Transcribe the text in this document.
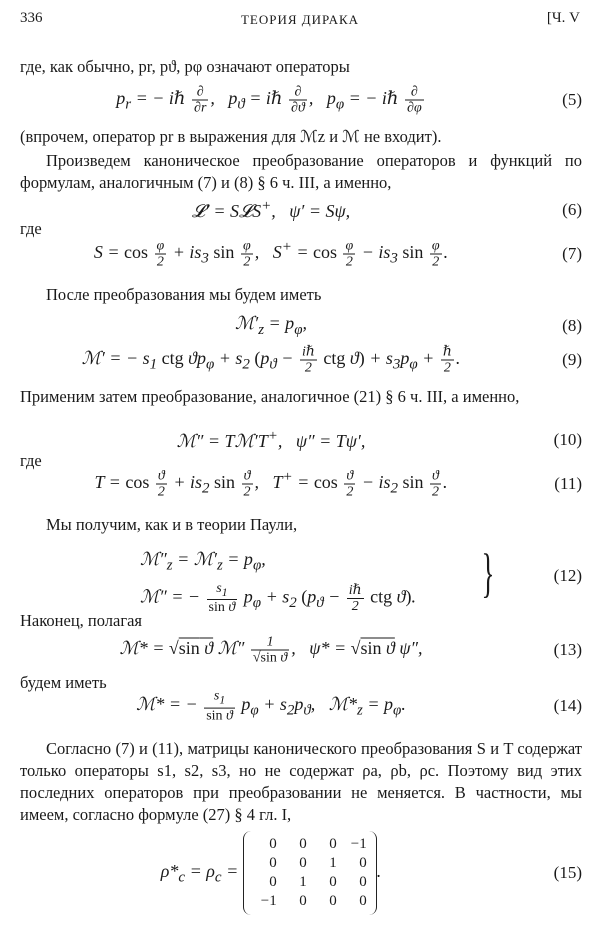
336	ТЕОРИЯ ДИРАКА	[Ч. V
где, как обычно, pr, pϑ, pφ означают операторы
$p_r$ = − iℏ $\frac{\partial}{\partial r}$ ,   $p_ϑ$ = iℏ $\frac{\partial}{\partial ϑ}$ ,   $p_\varphi$ = − iℏ $\frac{\partial}{\partial\varphi}$	(5)
(впрочем, оператор pr в выражения для ℳz и ℳ не входит).
Произведем каноническое преобразование операторов и функций по формулам, аналогичным (7) и (8) § 6 ч. III, а именно,
𝓛′ = S𝓛S+,   ψ′ = Sψ,	(6)
где
$S = \cos \frac{\varphi}{2} + is_3$ $\sin \frac{\varphi}{2}$ ,   $S^+ = \cos \frac{\varphi}{2} - is_3$ $\sin \frac{\varphi}{2}$ .	(7)
После преобразования мы будем иметь
$ℳ'_z = p_\varphi$,	(8)
ℳ′ = − $s_1$ ctg $ϑp_\varphi + s_2$ ($p_ϑ - \frac{\text{iℏ}}{2}$ ctg $ϑ) + s_3p_\varphi + \frac{\text{ℏ}}{2}$ .	(9)
Применим затем преобразование, аналогичное (21) § 6 ч. III, а именно,
ℳ″ = Tℳ′T+,   ψ″ = Tψ′,	(10)
где
$T = \cos \frac{ϑ}{2} + is_2$ $\sin \frac{ϑ}{2}$ ,   $T^+ = \cos \frac{ϑ}{2} - is_2$ $\sin \frac{ϑ}{2}$ .	(11)
Мы получим, как и в теории Паули,
$ℳ''_z$ = $ℳ'_z = p_\varphi$,
ℳ″ = − $\frac{s_1}{\text{sin ϑ}} p_\varphi + s_2$ ($p_ϑ - \frac{\text{iℏ}}{2}$ ctg ϑ). }	(12)
Наконец, полагая
ℳ* = √sin ϑ ℳ″ $\frac{1}{\text{√sin ϑ}}$ ,   ψ* = √sin ϑ ψ″,	(13)
будем иметь
ℳ* = − $\frac{s_1}{\text{sin ϑ}} p_\varphi + s_2p_ϑ$,   $ℳ*_z = p_\varphi$.	(14)
Согласно (7) и (11), матрицы канонического преобразования S и T содержат только операторы s1, s2, s3, но не содержат ρa, ρb, ρc. Поэтому вид этих последних операторов при преобразовании не меняется. В частности, мы имеем, согласно формуле (27) § 4 гл. I,
$\rho*_c = \rho_c$ =
0	0	0	−1
0	0	1	0
0	1	0	0
−1	0	0	0
.	(15)
